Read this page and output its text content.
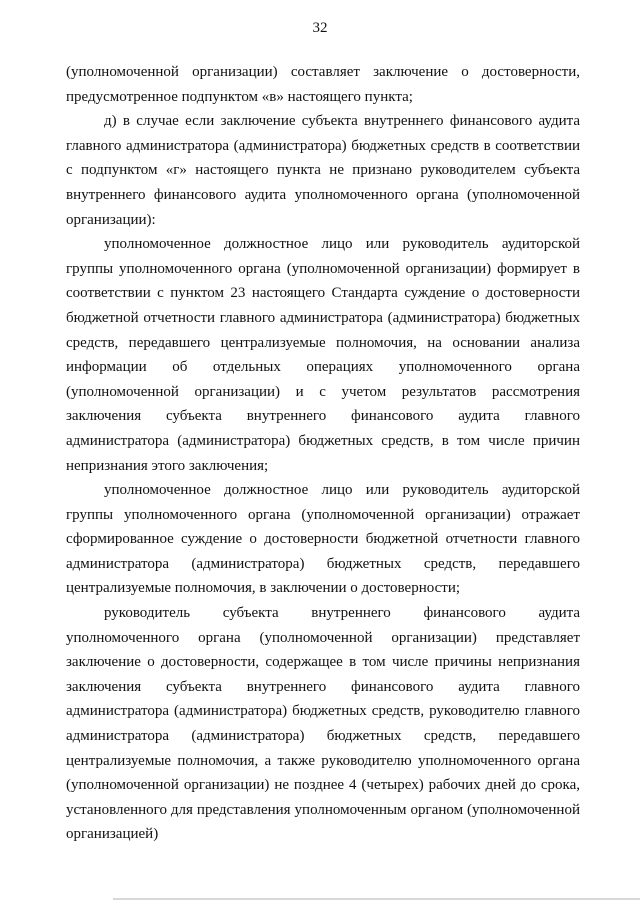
32

(уполномоченной организации) составляет заключение о достоверности, предусмотренное подпунктом «в» настоящего пункта;

д) в случае если заключение субъекта внутреннего финансового аудита главного администратора (администратора) бюджетных средств в соответствии с подпунктом «г» настоящего пункта не признано руководителем субъекта внутреннего финансового аудита уполномоченного органа (уполномоченной организации):

уполномоченное должностное лицо или руководитель аудиторской группы уполномоченного органа (уполномоченной организации) формирует в соответствии с пунктом 23 настоящего Стандарта суждение о достоверности бюджетной отчетности главного администратора (администратора) бюджетных средств, передавшего централизуемые полномочия, на основании анализа информации об отдельных операциях уполномоченного органа (уполномоченной организации) и с учетом результатов рассмотрения заключения субъекта внутреннего финансового аудита главного администратора (администратора) бюджетных средств, в том числе причин непризнания этого заключения;

уполномоченное должностное лицо или руководитель аудиторской группы уполномоченного органа (уполномоченной организации) отражает сформированное суждение о достоверности бюджетной отчетности главного администратора (администратора) бюджетных средств, передавшего централизуемые полномочия, в заключении о достоверности;

руководитель субъекта внутреннего финансового аудита уполномоченного органа (уполномоченной организации) представляет заключение о достоверности, содержащее в том числе причины непризнания заключения субъекта внутреннего финансового аудита главного администратора (администратора) бюджетных средств, руководителю главного администратора (администратора) бюджетных средств, передавшего централизуемые полномочия, а также руководителю уполномоченного органа (уполномоченной организации) не позднее 4 (четырех) рабочих дней до срока, установленного для представления уполномоченным органом (уполномоченной организацией)
